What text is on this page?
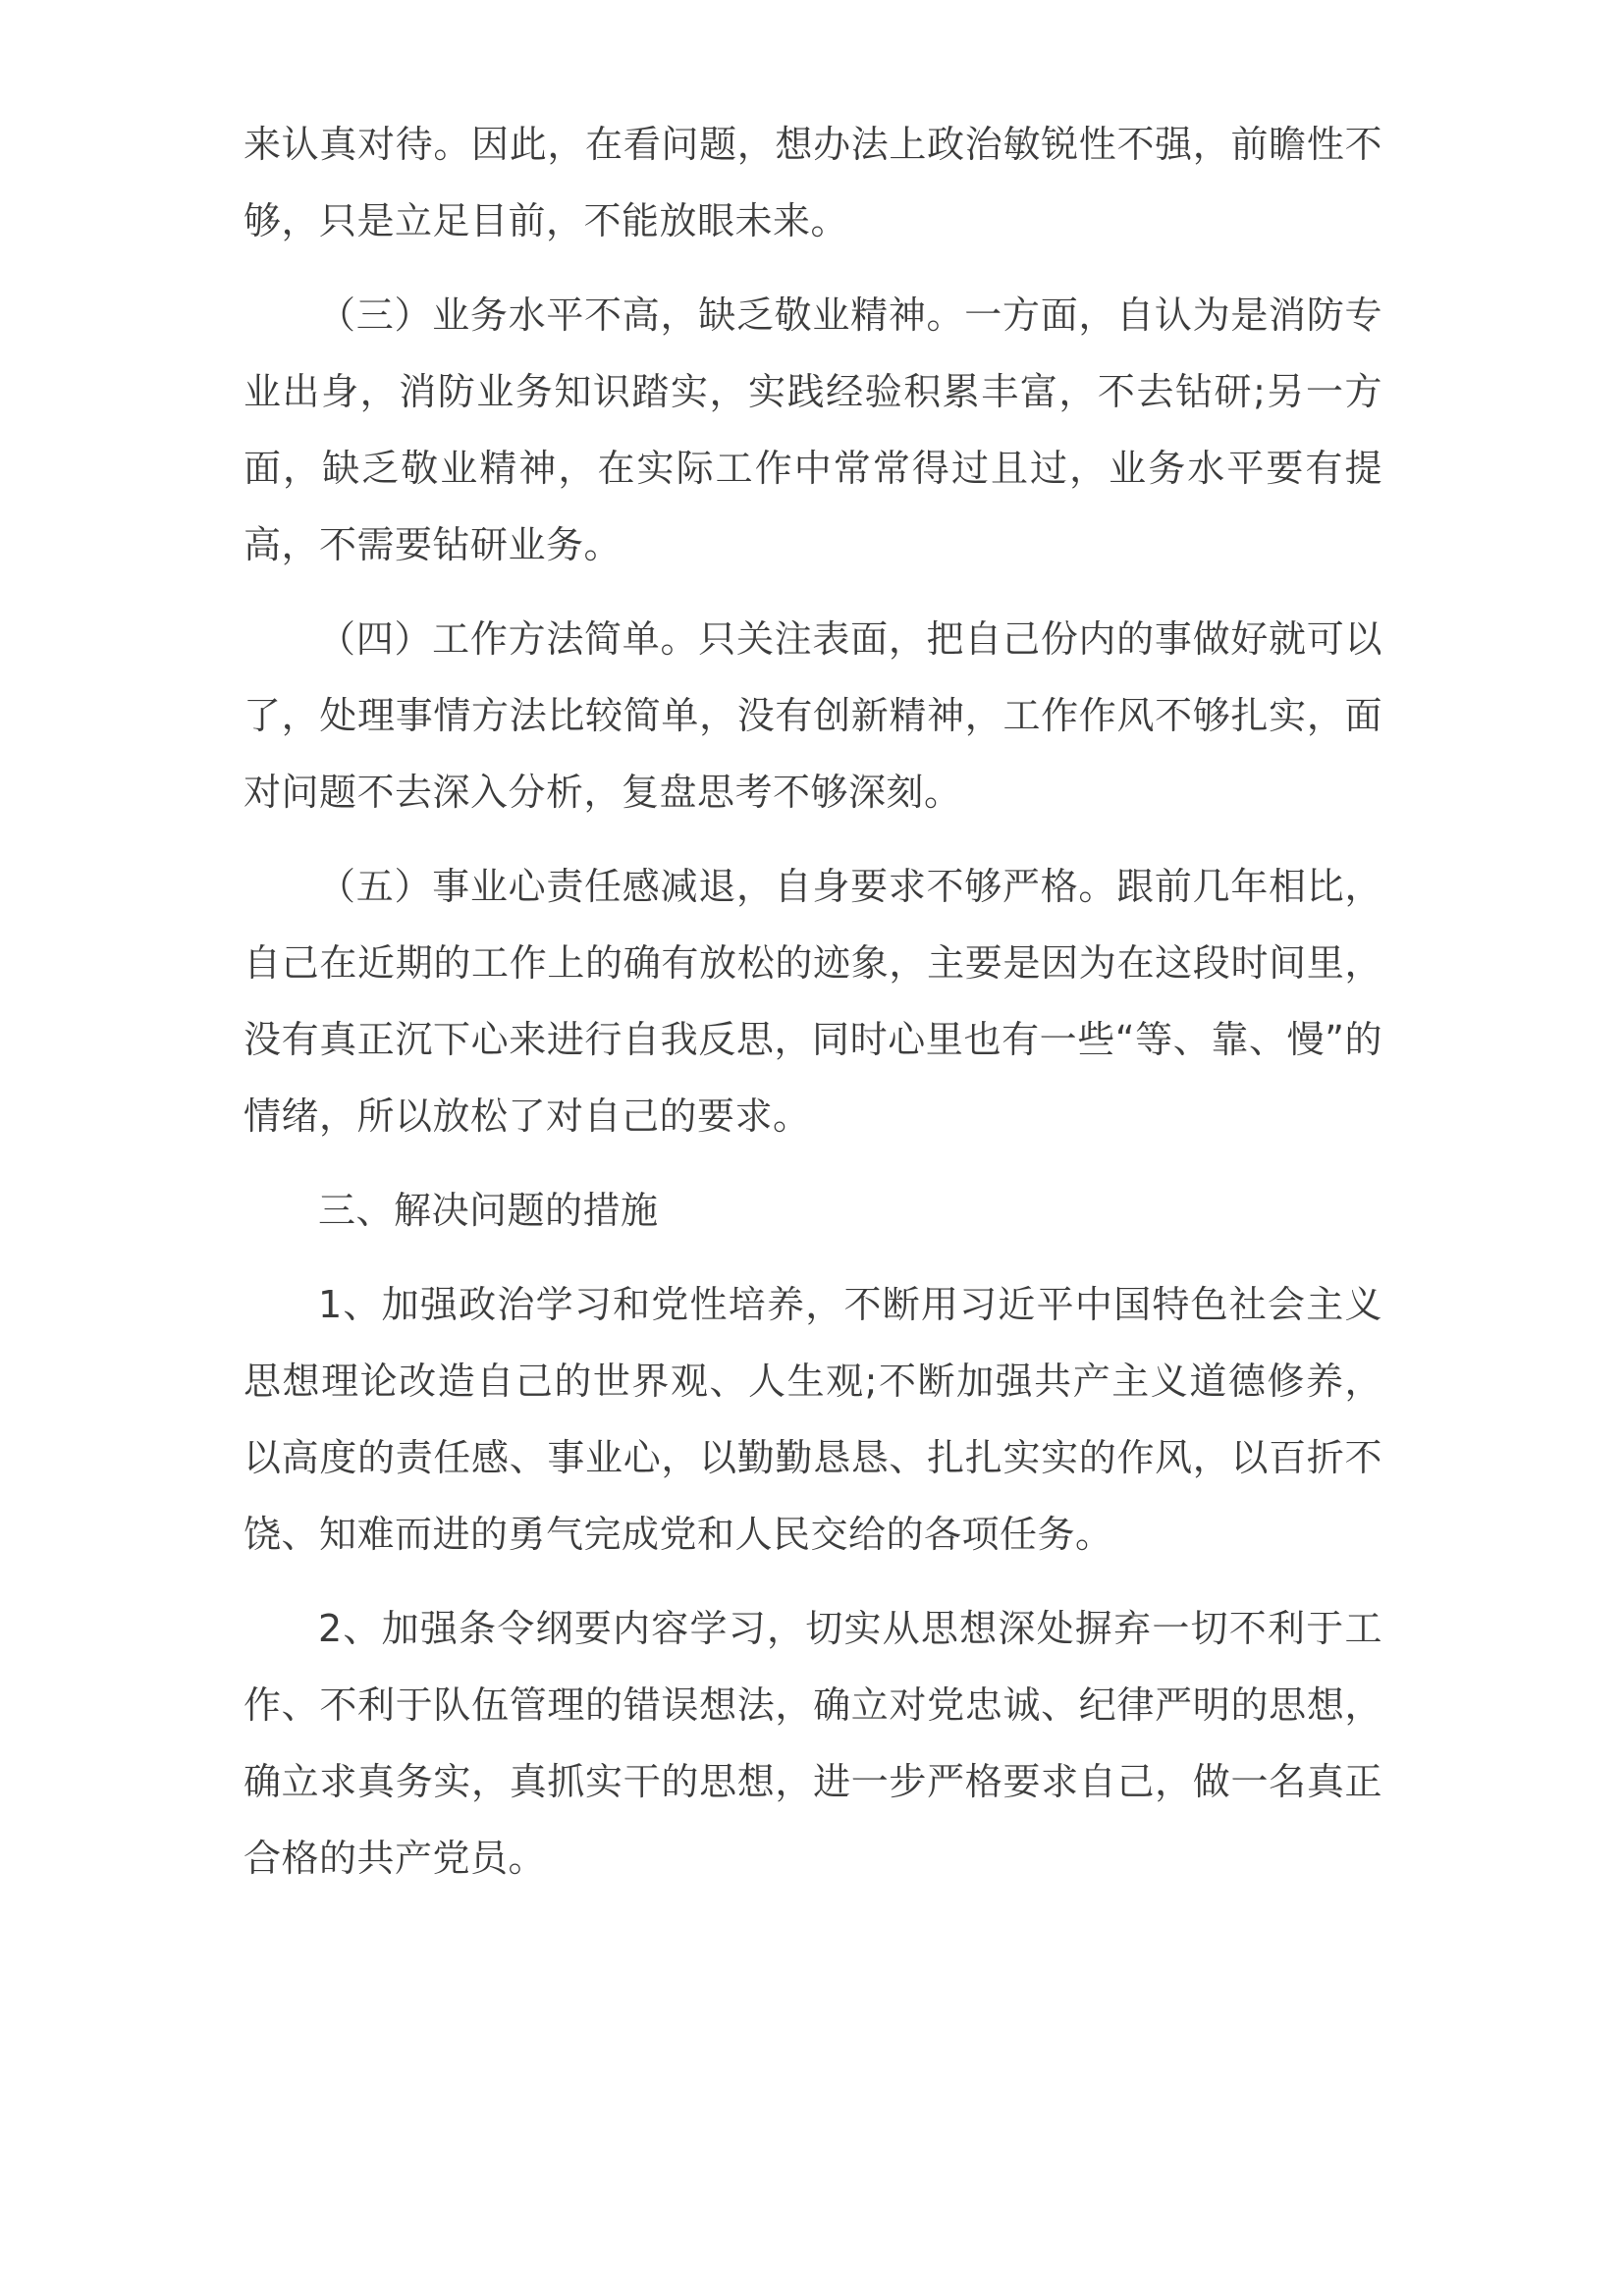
来认真对待。因此，在看问题，想办法上政治敏锐性不强，前瞻性不够，只是立足目前，不能放眼未来。

（三）业务水平不高，缺乏敬业精神。一方面，自认为是消防专业出身，消防业务知识踏实，实践经验积累丰富，不去钻研;另一方面，缺乏敬业精神，在实际工作中常常得过且过，业务水平要有提高，不需要钻研业务。

（四）工作方法简单。只关注表面，把自己份内的事做好就可以了，处理事情方法比较简单，没有创新精神，工作作风不够扎实，面对问题不去深入分析，复盘思考不够深刻。

（五）事业心责任感减退，自身要求不够严格。跟前几年相比，自己在近期的工作上的确有放松的迹象，主要是因为在这段时间里，没有真正沉下心来进行自我反思，同时心里也有一些“等、靠、慢”的情绪，所以放松了对自己的要求。

三、解决问题的措施

1、加强政治学习和党性培养，不断用习近平中国特色社会主义思想理论改造自己的世界观、人生观;不断加强共产主义道德修养，以高度的责任感、事业心，以勤勤恳恳、扎扎实实的作风，以百折不饶、知难而进的勇气完成党和人民交给的各项任务。

2、加强条令纲要内容学习，切实从思想深处摒弃一切不利于工作、不利于队伍管理的错误想法，确立对党忠诚、纪律严明的思想，确立求真务实，真抓实干的思想，进一步严格要求自己，做一名真正合格的共产党员。
